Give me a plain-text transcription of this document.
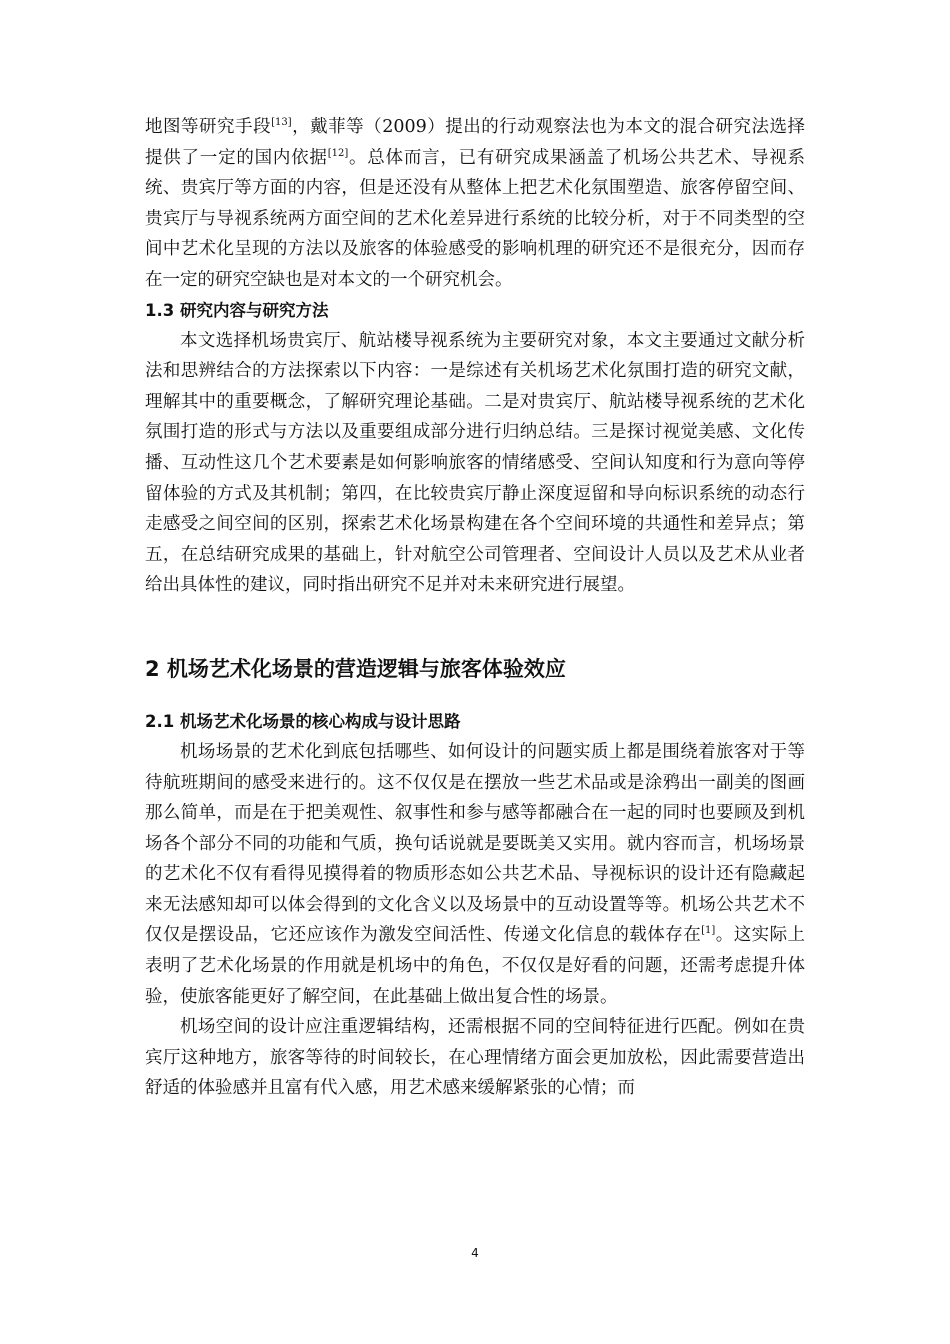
地图等研究手段[13]，戴菲等（2009）提出的行动观察法也为本文的混合研究法选择提供了一定的国内依据[12]。总体而言，已有研究成果涵盖了机场公共艺术、导视系统、贵宾厅等方面的内容，但是还没有从整体上把艺术化氛围塑造、旅客停留空间、贵宾厅与导视系统两方面空间的艺术化差异进行系统的比较分析，对于不同类型的空间中艺术化呈现的方法以及旅客的体验感受的影响机理的研究还不是很充分，因而存在一定的研究空缺也是对本文的一个研究机会。

1.3 研究内容与研究方法

本文选择机场贵宾厅、航站楼导视系统为主要研究对象，本文主要通过文献分析法和思辨结合的方法探索以下内容：一是综述有关机场艺术化氛围打造的研究文献，理解其中的重要概念，了解研究理论基础。二是对贵宾厅、航站楼导视系统的艺术化氛围打造的形式与方法以及重要组成部分进行归纳总结。三是探讨视觉美感、文化传播、互动性这几个艺术要素是如何影响旅客的情绪感受、空间认知度和行为意向等停留体验的方式及其机制；第四，在比较贵宾厅静止深度逗留和导向标识系统的动态行走感受之间空间的区别，探索艺术化场景构建在各个空间环境的共通性和差异点；第五，在总结研究成果的基础上，针对航空公司管理者、空间设计人员以及艺术从业者给出具体性的建议，同时指出研究不足并对未来研究进行展望。

2 机场艺术化场景的营造逻辑与旅客体验效应
2.1 机场艺术化场景的核心构成与设计思路

机场场景的艺术化到底包括哪些、如何设计的问题实质上都是围绕着旅客对于等待航班期间的感受来进行的。这不仅仅是在摆放一些艺术品或是涂鸦出一副美的图画那么简单，而是在于把美观性、叙事性和参与感等都融合在一起的同时也要顾及到机场各个部分不同的功能和气质，换句话说就是要既美又实用。就内容而言，机场场景的艺术化不仅有看得见摸得着的物质形态如公共艺术品、导视标识的设计还有隐藏起来无法感知却可以体会得到的文化含义以及场景中的互动设置等等。机场公共艺术不仅仅是摆设品，它还应该作为激发空间活性、传递文化信息的载体存在[1]。这实际上表明了艺术化场景的作用就是机场中的角色，不仅仅是好看的问题，还需考虑提升体验，使旅客能更好了解空间，在此基础上做出复合性的场景。

机场空间的设计应注重逻辑结构，还需根据不同的空间特征进行匹配。例如在贵宾厅这种地方，旅客等待的时间较长，在心理情绪方面会更加放松，因此需要营造出舒适的体验感并且富有代入感，用艺术感来缓解紧张的心情；而

4
